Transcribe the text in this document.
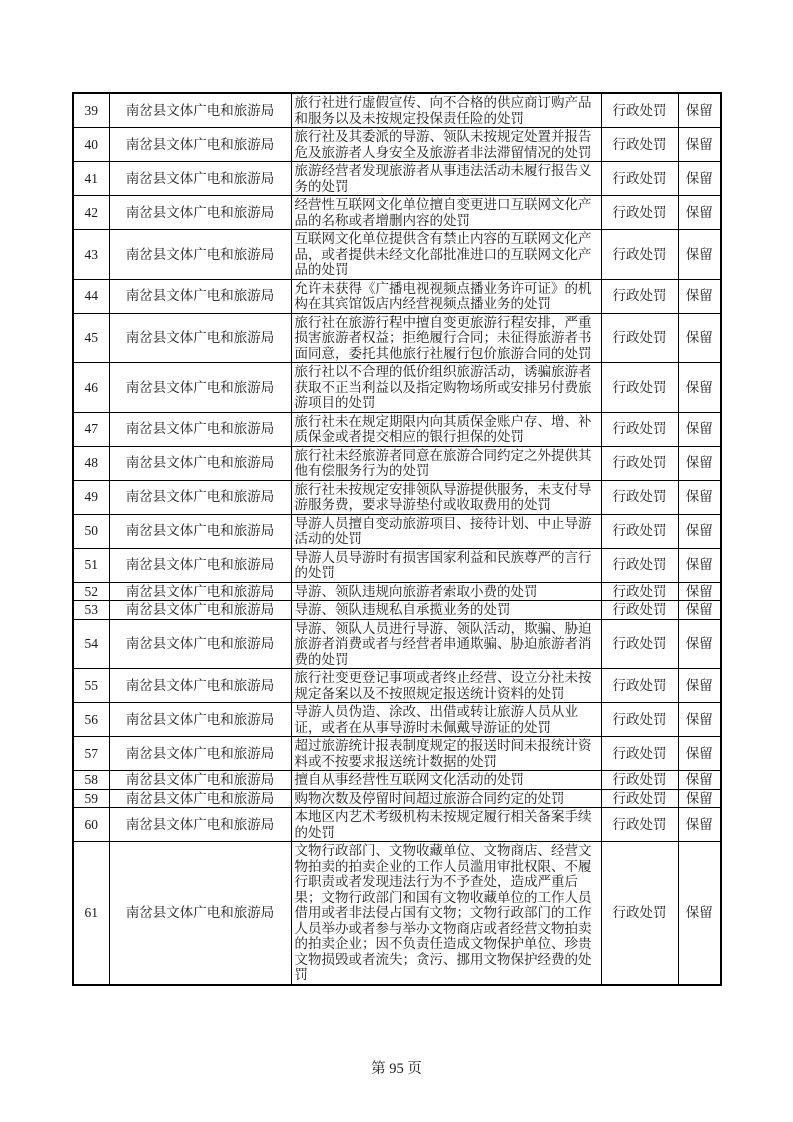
39	南岔县文体广电和旅游局	旅行社进行虚假宣传、向不合格的供应商订购产品和服务以及未按规定投保责任险的处罚	行政处罚	保留
40	南岔县文体广电和旅游局	旅行社及其委派的导游、领队未按规定处置并报告危及旅游者人身安全及旅游者非法滞留情况的处罚	行政处罚	保留
41	南岔县文体广电和旅游局	旅游经营者发现旅游者从事违法活动未履行报告义务的处罚	行政处罚	保留
42	南岔县文体广电和旅游局	经营性互联网文化单位擅自变更进口互联网文化产品的名称或者增删内容的处罚	行政处罚	保留
43	南岔县文体广电和旅游局	互联网文化单位提供含有禁止内容的互联网文化产品，或者提供未经文化部批准进口的互联网文化产品的处罚	行政处罚	保留
44	南岔县文体广电和旅游局	允许未获得《广播电视视频点播业务许可证》的机构在其宾馆饭店内经营视频点播业务的处罚	行政处罚	保留
45	南岔县文体广电和旅游局	旅行社在旅游行程中擅自变更旅游行程安排，严重损害旅游者权益；拒绝履行合同；未征得旅游者书面同意，委托其他旅行社履行包价旅游合同的处罚	行政处罚	保留
46	南岔县文体广电和旅游局	旅行社以不合理的低价组织旅游活动，诱骗旅游者获取不正当利益以及指定购物场所或安排另付费旅游项目的处罚	行政处罚	保留
47	南岔县文体广电和旅游局	旅行社未在规定期限内向其质保金账户存、增、补质保金或者提交相应的银行担保的处罚	行政处罚	保留
48	南岔县文体广电和旅游局	旅行社未经旅游者同意在旅游合同约定之外提供其他有偿服务行为的处罚	行政处罚	保留
49	南岔县文体广电和旅游局	旅行社未按规定安排领队导游提供服务，未支付导游服务费，要求导游垫付或收取费用的处罚	行政处罚	保留
50	南岔县文体广电和旅游局	导游人员擅自变动旅游项目、接待计划、中止导游活动的处罚	行政处罚	保留
51	南岔县文体广电和旅游局	导游人员导游时有损害国家利益和民族尊严的言行的处罚	行政处罚	保留
52	南岔县文体广电和旅游局	导游、领队违规向旅游者索取小费的处罚	行政处罚	保留
53	南岔县文体广电和旅游局	导游、领队违规私自承揽业务的处罚	行政处罚	保留
54	南岔县文体广电和旅游局	导游、领队人员进行导游、领队活动，欺骗、胁迫旅游者消费或者与经营者串通欺骗、胁迫旅游者消费的处罚	行政处罚	保留
55	南岔县文体广电和旅游局	旅行社变更登记事项或者终止经营、设立分社未按规定备案以及不按照规定报送统计资料的处罚	行政处罚	保留
56	南岔县文体广电和旅游局	导游人员伪造、涂改、出借或转让旅游人员从业证，或者在从事导游时未佩戴导游证的处罚	行政处罚	保留
57	南岔县文体广电和旅游局	超过旅游统计报表制度规定的报送时间未报统计资料或不按要求报送统计数据的处罚	行政处罚	保留
58	南岔县文体广电和旅游局	擅自从事经营性互联网文化活动的处罚	行政处罚	保留
59	南岔县文体广电和旅游局	购物次数及停留时间超过旅游合同约定的处罚	行政处罚	保留
60	南岔县文体广电和旅游局	本地区内艺术考级机构未按规定履行相关备案手续的处罚	行政处罚	保留
61	南岔县文体广电和旅游局	文物行政部门、文物收藏单位、文物商店、经营文物拍卖的拍卖企业的工作人员滥用审批权限、不履行职责或者发现违法行为不予查处，造成严重后果；文物行政部门和国有文物收藏单位的工作人员借用或者非法侵占国有文物；文物行政部门的工作人员举办或者参与举办文物商店或者经营文物拍卖的拍卖企业；因不负责任造成文物保护单位、珍贵文物损毁或者流失；贪污、挪用文物保护经费的处罚	行政处罚	保留
第 95 页
